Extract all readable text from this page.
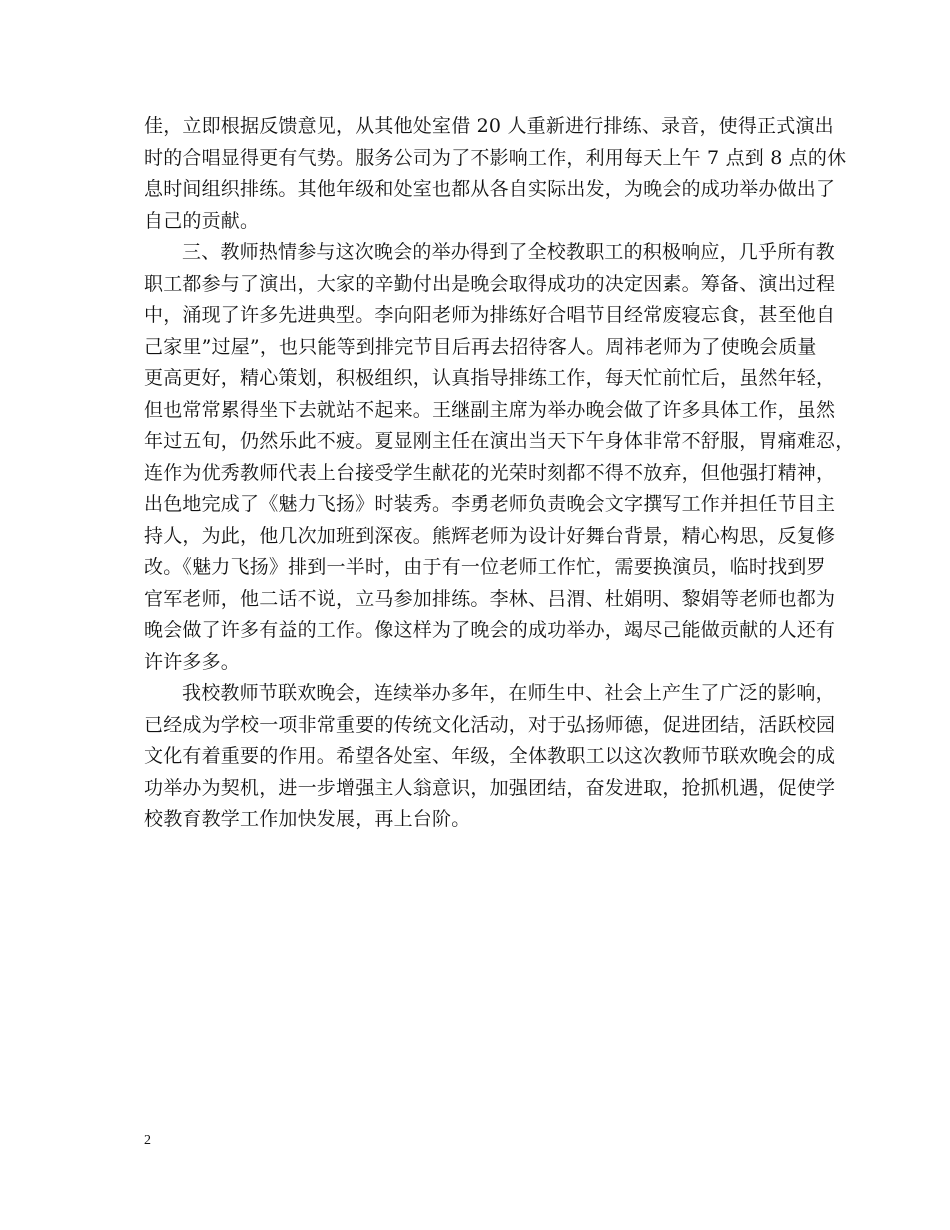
佳，立即根据反馈意见，从其他处室借 20 人重新进行排练、录音，使得正式演出
时的合唱显得更有气势。服务公司为了不影响工作，利用每天上午 7 点到 8 点的休
息时间组织排练。其他年级和处室也都从各自实际出发，为晚会的成功举办做出了
自己的贡献。
三、教师热情参与这次晚会的举办得到了全校教职工的积极响应，几乎所有教
职工都参与了演出，大家的辛勤付出是晚会取得成功的决定因素。筹备、演出过程
中，涌现了许多先进典型。李向阳老师为排练好合唱节目经常废寝忘食，甚至他自
己家里”过屋”，也只能等到排完节目后再去招待客人。周祎老师为了使晚会质量
更高更好，精心策划，积极组织，认真指导排练工作，每天忙前忙后，虽然年轻，
但也常常累得坐下去就站不起来。王继副主席为举办晚会做了许多具体工作，虽然
年过五旬，仍然乐此不疲。夏显刚主任在演出当天下午身体非常不舒服，胃痛难忍，
连作为优秀教师代表上台接受学生献花的光荣时刻都不得不放弃，但他强打精神，
出色地完成了《魅力飞扬》时装秀。李勇老师负责晚会文字撰写工作并担任节目主
持人，为此，他几次加班到深夜。熊辉老师为设计好舞台背景，精心构思，反复修
改。《魅力飞扬》排到一半时，由于有一位老师工作忙，需要换演员，临时找到罗
官军老师，他二话不说，立马参加排练。李林、吕渭、杜娟明、黎娟等老师也都为
晚会做了许多有益的工作。像这样为了晚会的成功举办，竭尽己能做贡献的人还有
许许多多。
我校教师节联欢晚会，连续举办多年，在师生中、社会上产生了广泛的影响，
已经成为学校一项非常重要的传统文化活动，对于弘扬师德，促进团结，活跃校园
文化有着重要的作用。希望各处室、年级，全体教职工以这次教师节联欢晚会的成
功举办为契机，进一步增强主人翁意识，加强团结，奋发进取，抢抓机遇，促使学
校教育教学工作加快发展，再上台阶。
2
